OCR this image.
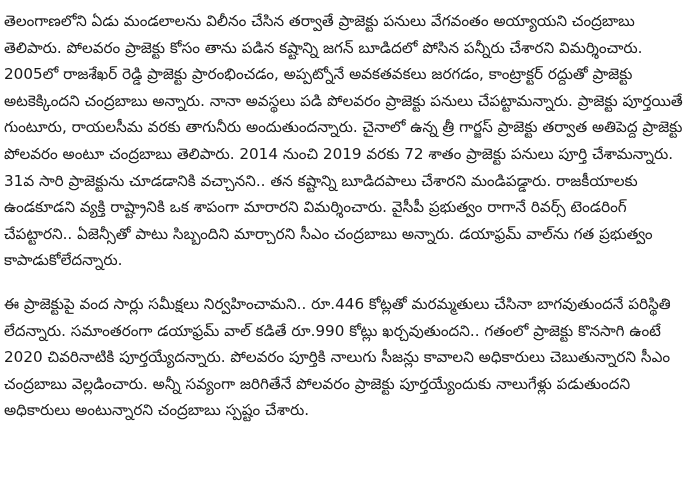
తెలంగాణలోని ఏడు మండలాలను విలీనం చేసిన తర్వాతే ప్రాజెక్టు పనులు వేగవంతం అయ్యాయని చంద్రబాబు
తెలిపారు. పోలవరం ప్రాజెక్టు కోసం తాను పడిన కష్టాన్ని జగన్ బూడిదలో పోసిన పన్నీరు చేశారని విమర్శించారు.
2005లో రాజశేఖర్ రెడ్డి ప్రాజెక్టు ప్రారంభించడం, అప్పట్నోనే అవకతవకలు జరగడం, కాంట్రాక్టర్ రద్దుతో ప్రాజెక్టు
అటకెక్కిందని చంద్రబాబు అన్నారు. నానా అవస్థలు పడి పోలవరం ప్రాజెక్టు పనులు చేపట్టామన్నారు. ప్రాజెక్టు పూర్తయితే
గుంటూరు, రాయలసీమ వరకు తాగునీరు అందుతుందన్నారు. చైనాలో ఉన్న త్రీ గార్జస్ ప్రాజెక్టు తర్వాత అతిపెద్ద ప్రాజెక్టు
పోలవరం అంటూ చంద్రబాబు తెలిపారు. 2014 నుంచి 2019 వరకు 72 శాతం ప్రాజెక్టు పనులు పూర్తి చేశామన్నారు.
31వ సారి ప్రాజెక్టును చూడడానికి వచ్చానని.. తన కష్టాన్ని బూడిదపాలు చేశారని మండిపడ్డారు. రాజకీయాలకు
ఉండకూడని వ్యక్తి రాష్ట్రానికి ఒక శాపంగా మారారని విమర్శించారు. వైసీపీ ప్రభుత్వం రాగానే రివర్స్ టెండరింగ్
చేపట్టారని.. ఏజెన్సీతో పాటు సిబ్బందిని మార్చారని సీఎం చంద్రబాబు అన్నారు. డయాఫ్రమ్ వాల్‌ను గత ప్రభుత్వం
కాపాడుకోలేదన్నారు.
ఈ ప్రాజెక్టుపై వంద సార్లు సమీక్షలు నిర్వహించామని.. రూ.446 కోట్లతో మరమ్మతులు చేసినా బాగవుతుందనే పరిస్థితి
లేదన్నారు. సమాంతరంగా డయాఫ్రమ్ వాల్ కడితే రూ.990 కోట్లు ఖర్చవుతుందని.. గతంలో ప్రాజెక్టు కొనసాగి ఉంటే
2020 చివరినాటికి పూర్తయ్యేదన్నారు. పోలవరం పూర్తికి నాలుగు సీజన్లు కావాలని అధికారులు చెబుతున్నారని సీఎం
చంద్రబాబు వెల్లడించారు. అన్నీ సవ్యంగా జరిగితేనే పోలవరం ప్రాజెక్టు పూర్తయ్యేందుకు నాలుగేళ్లు పడుతుందని
అధికారులు అంటున్నారని చంద్రబాబు స్పష్టం చేశారు.
